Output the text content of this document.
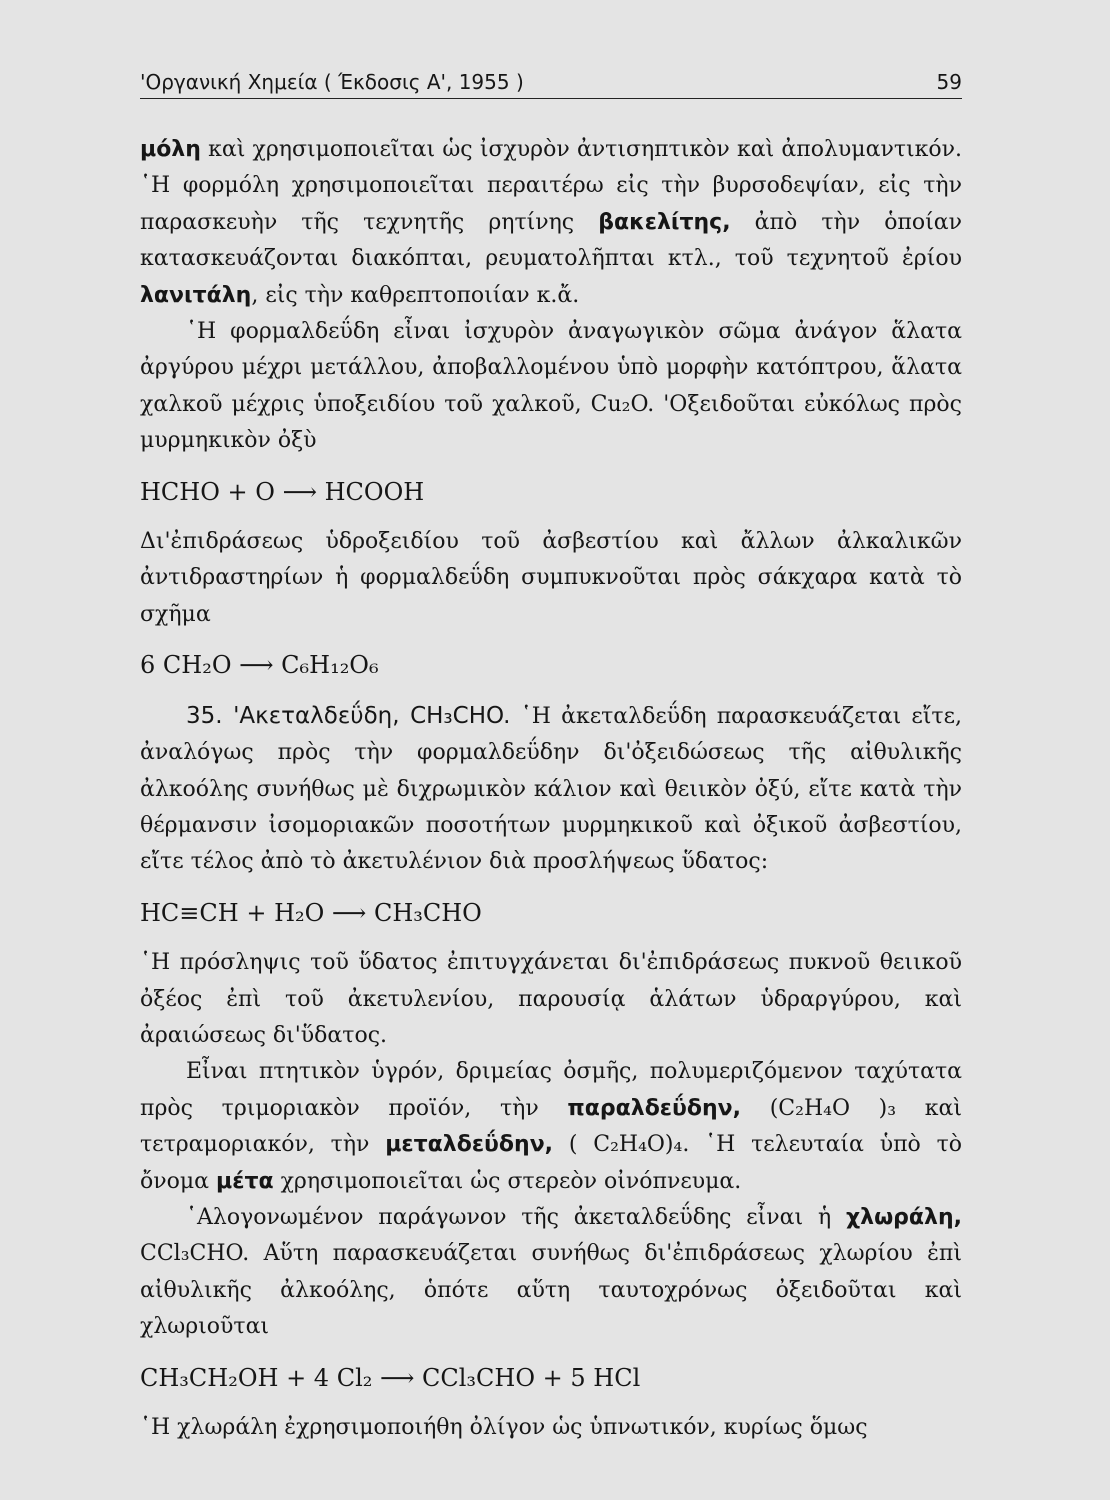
'Οργανική Χημεία ( Έκδοσις Α', 1955 )	59

μόλη καὶ χρησιμοποιεῖται ὡς ἰσχυρὸν ἀντισηπτικὸν καὶ ἀπολυμαντικόν. ῾Η φορμόλη χρησιμοποιεῖται περαιτέρω εἰς τὴν βυρσοδεψίαν, εἰς τὴν παρασκευὴν τῆς τεχνητῆς ρητίνης βακελίτης, ἀπὸ τὴν ὁποίαν κατασκευάζονται διακόπται, ρευματολῆπται κτλ., τοῦ τεχνητοῦ ἐρίου λανιτάλη, εἰς τὴν καθρεπτοποιίαν κ.ἄ.

῾Η φορμαλδεΰδη εἶναι ἰσχυρὸν ἀναγωγικὸν σῶμα ἀνάγον ἅλατα ἀργύρου μέχρι μετάλλου, ἀποβαλλομένου ὑπὸ μορφὴν κατόπτρου, ἅλατα χαλκοῦ μέχρις ὑποξειδίου τοῦ χαλκοῦ, Cu₂O. 'Οξειδοῦται εὐκόλως πρὸς μυρμηκικὸν ὀξὺ

HCHO + O ⟶ HCOOH

Δι'ἐπιδράσεως ὑδροξειδίου τοῦ ἀσβεστίου καὶ ἄλλων ἀλκαλικῶν ἀντιδραστηρίων ἡ φορμαλδεΰδη συμπυκνοῦται πρὸς σάκχαρα κατὰ τὸ σχῆμα

6 CH₂O ⟶ C₆H₁₂O₆

35. 'Ακεταλδεΰδη, CH₃CHO. ῾Η ἀκεταλδεΰδη παρασκευάζεται εἴτε, ἀναλόγως πρὸς τὴν φορμαλδεΰδην δι'ὀξειδώσεως τῆς αἰθυλικῆς ἀλκοόλης συνήθως μὲ διχρωμικὸν κάλιον καὶ θειικὸν ὀξύ, εἴτε κατὰ τὴν θέρμανσιν ἰσομοριακῶν ποσοτήτων μυρμηκικοῦ καὶ ὀξικοῦ ἀσβεστίου, εἴτε τέλος ἀπὸ τὸ ἀκετυλένιον διὰ προσλήψεως ὕδατος:

HC≡CH + H₂O ⟶ CH₃CHO

῾Η πρόσληψις τοῦ ὕδατος ἐπιτυγχάνεται δι'ἐπιδράσεως πυκνοῦ θειικοῦ ὀξέος ἐπὶ τοῦ ἀκετυλενίου, παρουσίᾳ ἁλάτων ὑδραργύρου, καὶ ἀραιώσεως δι'ὕδατος.

Εἶναι πτητικὸν ὑγρόν, δριμείας ὀσμῆς, πολυμεριζόμενον ταχύτατα πρὸς τριμοριακὸν προϊόν, τὴν παραλδεΰδην, (C₂H₄O )₃ καὶ τετραμοριακόν, τὴν μεταλδεΰδην, ( C₂H₄O)₄. ῾Η τελευταία ὑπὸ τὸ ὄνομα μέτα χρησιμοποιεῖται ὡς στερεὸν οἰνόπνευμα.

῾Αλογονωμένον παράγωνον τῆς ἀκεταλδεΰδης εἶναι ἡ χλωράλη, CCl₃CHO. Αὕτη παρασκευάζεται συνήθως δι'ἐπιδράσεως χλωρίου ἐπὶ αἰθυλικῆς ἀλκοόλης, ὁπότε αὕτη ταυτοχρόνως ὀξειδοῦται καὶ χλωριοῦται

CH₃CH₂OH + 4 Cl₂ ⟶ CCl₃CHO + 5 HCl

῾Η χλωράλη ἐχρησιμοποιήθη ὀλίγον ὡς ὑπνωτικόν, κυρίως ὅμως
